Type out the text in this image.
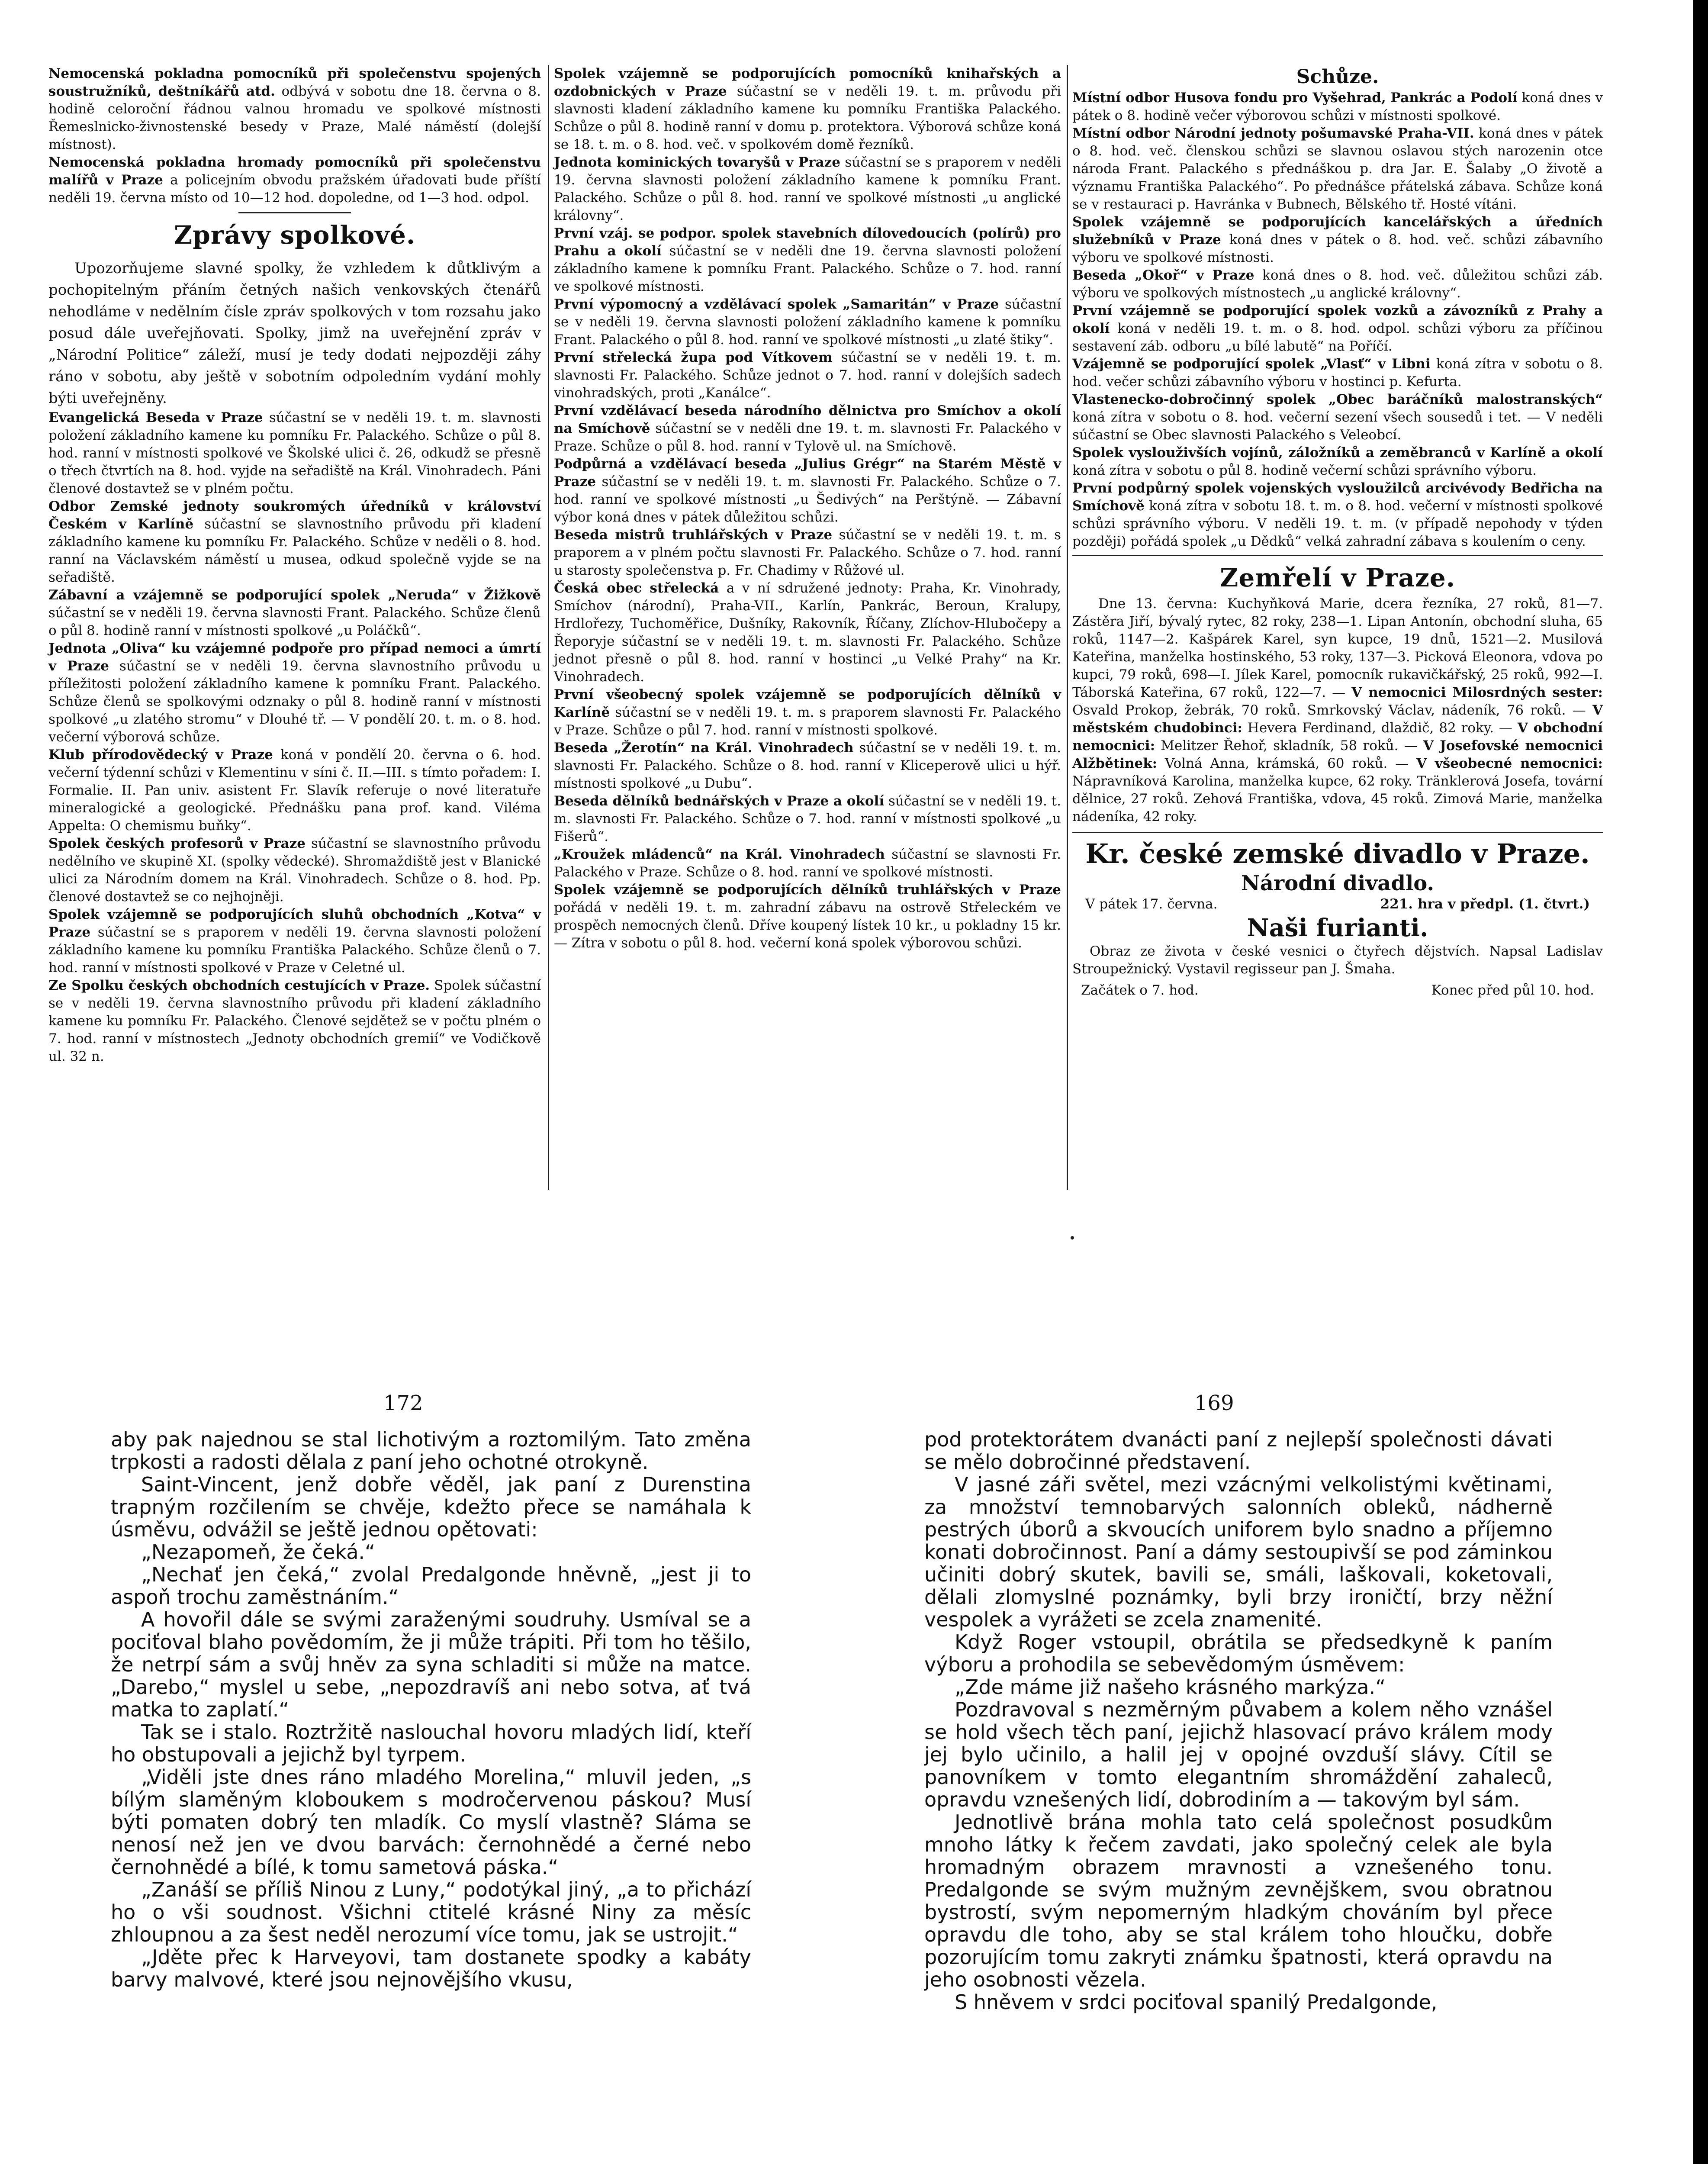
Nemocenská pokladna pomocníků při společenstvu spojených soustružníků, deštníkářů atd. odbývá v sobotu dne 18. června o 8. hodině celoroční řádnou valnou hromadu ve spolkové místnosti Řemeslnicko-živnostenské besedy v Praze, Malé náměstí (dolejší místnost).

Nemocenská pokladna hromady pomocníků při společenstvu malířů v Praze a policejním obvodu pražském úřadovati bude příští neděli 19. června místo od 10—12 hod. dopoledne, od 1—3 hod. odpol.

Zprávy spolkové.

Upozorňujeme slavné spolky, že vzhledem k důtklivým a pochopitelným přáním četných našich venkovských čtenářů nehodláme v nedělním čísle zpráv spolkových v tom rozsahu jako posud dále uveřejňovati. Spolky, jimž na uveřejnění zpráv v „Národní Politice“ záleží, musí je tedy dodati nejpozději záhy ráno v sobotu, aby ještě v sobotním odpoledním vydání mohly býti uveřejněny.

Evangelická Beseda v Praze súčastní se v neděli 19. t. m. slavnosti položení základního kamene ku pomníku Fr. Palackého. Schůze o půl 8. hod. ranní v místnosti spolkové ve Školské ulici č. 26, odkudž se přesně o třech čtvrtích na 8. hod. vyjde na seřadiště na Král. Vinohradech. Páni členové dostavtež se v plném počtu.

Odbor Zemské jednoty soukromých úředníků v království Českém v Karlíně súčastní se slavnostního průvodu při kladení základního kamene ku pomníku Fr. Palackého. Schůze v neděli o 8. hod. ranní na Václavském náměstí u musea, odkud společně vyjde se na seřadiště.

Zábavní a vzájemně se podporující spolek „Neruda“ v Žižkově súčastní se v neděli 19. června slavnosti Frant. Palackého. Schůze členů o půl 8. hodině ranní v místnosti spolkové „u Poláčků“.

Jednota „Oliva“ ku vzájemné podpoře pro případ nemoci a úmrtí v Praze súčastní se v neděli 19. června slavnostního průvodu u příležitosti položení základního kamene k pomníku Frant. Palackého. Schůze členů se spolkovými odznaky o půl 8. hodině ranní v místnosti spolkové „u zlatého stromu“ v Dlouhé tř. — V pondělí 20. t. m. o 8. hod. večerní výborová schůze.

Klub přírodovědecký v Praze koná v pondělí 20. června o 6. hod. večerní týdenní schůzi v Klementinu v síni č. II.—III. s tímto pořadem: I. Formalie. II. Pan univ. asistent Fr. Slavík referuje o nové literatuře mineralogické a geologické. Přednášku pana prof. kand. Viléma Appelta: O chemismu buňky“.

Spolek českých profesorů v Praze súčastní se slavnostního průvodu nedělního ve skupině XI. (spolky vědecké). Shromaždiště jest v Blanické ulici za Národním domem na Král. Vinohradech. Schůze o 8. hod. Pp. členové dostavtež se co nejhojněji.

Spolek vzájemně se podporujících sluhů obchodních „Kotva“ v Praze súčastní se s praporem v neděli 19. června slavnosti položení základního kamene ku pomníku Františka Palackého. Schůze členů o 7. hod. ranní v místnosti spolkové v Praze v Celetné ul.

Ze Spolku českých obchodních cestujících v Praze. Spolek súčastní se v neděli 19. června slavnostního průvodu při kladení základního kamene ku pomníku Fr. Palackého. Členové sejdětež se v počtu plném o 7. hod. ranní v místnostech „Jednoty obchodních gremií“ ve Vodičkově ul. 32 n.

Spolek vzájemně se podporujících pomocníků knihařských a ozdobnických v Praze súčastní se v neděli 19. t. m. průvodu při slavnosti kladení základního kamene ku pomníku Františka Palackého. Schůze o půl 8. hodině ranní v domu p. protektora. Výborová schůze koná se 18. t. m. o 8. hod. več. v spolkovém domě řezníků.

Jednota kominických tovaryšů v Praze súčastní se s praporem v neděli 19. června slavnosti položení základního kamene k pomníku Frant. Palackého. Schůze o půl 8. hod. ranní ve spolkové místnosti „u anglické královny“.

První vzáj. se podpor. spolek stavebních dílovedoucích (polírů) pro Prahu a okolí súčastní se v neděli dne 19. června slavnosti položení základního kamene k pomníku Frant. Palackého. Schůze o 7. hod. ranní ve spolkové místnosti.

První výpomocný a vzdělávací spolek „Samaritán“ v Praze súčastní se v neděli 19. června slavnosti položení základního kamene k pomníku Frant. Palackého o půl 8. hod. ranní ve spolkové místnosti „u zlaté štiky“.

První střelecká župa pod Vítkovem súčastní se v neděli 19. t. m. slavnosti Fr. Palackého. Schůze jednot o 7. hod. ranní v dolejších sadech vinohradských, proti „Kanálce“.

První vzdělávací beseda národního dělnictva pro Smíchov a okolí na Smíchově súčastní se v neděli dne 19. t. m. slavnosti Fr. Palackého v Praze. Schůze o půl 8. hod. ranní v Tylově ul. na Smíchově.

Podpůrná a vzdělávací beseda „Julius Grégr“ na Starém Městě v Praze súčastní se v neděli 19. t. m. slavnosti Fr. Palackého. Schůze o 7. hod. ranní ve spolkové místnosti „u Šedivých“ na Perštýně. — Zábavní výbor koná dnes v pátek důležitou schůzi.

Beseda mistrů truhlářských v Praze súčastní se v neděli 19. t. m. s praporem a v plném počtu slavnosti Fr. Palackého. Schůze o 7. hod. ranní u starosty společenstva p. Fr. Chadimy v Růžové ul.

Česká obec střelecká a v ní sdružené jednoty: Praha, Kr. Vinohrady, Smíchov (národní), Praha-VII., Karlín, Pankrác, Beroun, Kralupy, Hrdlořezy, Tuchoměřice, Dušníky, Rakovník, Říčany, Zlíchov-Hlubočepy a Řeporyje súčastní se v neděli 19. t. m. slavnosti Fr. Palackého. Schůze jednot přesně o půl 8. hod. ranní v hostinci „u Velké Prahy“ na Kr. Vinohradech.

První všeobecný spolek vzájemně se podporujících dělníků v Karlíně súčastní se v neděli 19. t. m. s praporem slavnosti Fr. Palackého v Praze. Schůze o půl 7. hod. ranní v místnosti spolkové.

Beseda „Žerotín“ na Král. Vinohradech súčastní se v neděli 19. t. m. slavnosti Fr. Palackého. Schůze o 8. hod. ranní v Kliceperově ulici u hýř. místnosti spolkové „u Dubu“.

Beseda dělníků bednářských v Praze a okolí súčastní se v neděli 19. t. m. slavnosti Fr. Palackého. Schůze o 7. hod. ranní v místnosti spolkové „u Fišerů“.

„Kroužek mládenců“ na Král. Vinohradech súčastní se slavnosti Fr. Palackého v Praze. Schůze o 8. hod. ranní ve spolkové místnosti.

Spolek vzájemně se podporujících dělníků truhlářských v Praze pořádá v neděli 19. t. m. zahradní zábavu na ostrově Střeleckém ve prospěch nemocných členů. Dříve koupený lístek 10 kr., u pokladny 15 kr. — Zítra v sobotu o půl 8. hod. večerní koná spolek výborovou schůzi.

Schůze.

Místní odbor Husova fondu pro Vyšehrad, Pankrác a Podolí koná dnes v pátek o 8. hodině večer výborovou schůzi v místnosti spolkové.

Místní odbor Národní jednoty pošumavské Praha-VII. koná dnes v pátek o 8. hod. več. členskou schůzi se slavnou oslavou stých narozenin otce národa Frant. Palackého s přednáškou p. dra Jar. E. Šalaby „O životě a významu Františka Palackého“. Po přednášce přátelská zábava. Schůze koná se v restauraci p. Havránka v Bubnech, Bělského tř. Hosté vítáni.

Spolek vzájemně se podporujících kancelářských a úředních služebníků v Praze koná dnes v pátek o 8. hod. več. schůzi zábavního výboru ve spolkové místnosti.

Beseda „Okoř“ v Praze koná dnes o 8. hod. več. důležitou schůzi záb. výboru ve spolkových místnostech „u anglické královny“.

První vzájemně se podporující spolek vozků a závozníků z Prahy a okolí koná v neděli 19. t. m. o 8. hod. odpol. schůzi výboru za příčinou sestavení záb. odboru „u bílé labutě“ na Poříčí.

Vzájemně se podporující spolek „Vlasť“ v Libni koná zítra v sobotu o 8. hod. večer schůzi zábavního výboru v hostinci p. Kefurta.

Vlastenecko-dobročinný spolek „Obec baráčníků malostranských“ koná zítra v sobotu o 8. hod. večerní sezení všech sousedů i tet. — V neděli súčastní se Obec slavnosti Palackého s Veleobcí.

Spolek vyslouživších vojínů, záložníků a zeměbranců v Karlíně a okolí koná zítra v sobotu o půl 8. hodině večerní schůzi správního výboru.

První podpůrný spolek vojenských vysloužilců arcivévody Bedřicha na Smíchově koná zítra v sobotu 18. t. m. o 8. hod. večerní v místnosti spolkové schůzi správního výboru. V neděli 19. t. m. (v případě nepohody v týden později) pořádá spolek „u Dědků“ velká zahradní zábava s koulením o ceny.

Zemřelí v Praze.

Dne 13. června: Kuchyňková Marie, dcera řezníka, 27 roků, 81—7. Zástěra Jiří, bývalý rytec, 82 roky, 238—1. Lipan Antonín, obchodní sluha, 65 roků, 1147—2. Kašpárek Karel, syn kupce, 19 dnů, 1521—2. Musilová Kateřina, manželka hostinského, 53 roky, 137—3. Picková Eleonora, vdova po kupci, 79 roků, 698—I. Jílek Karel, pomocník rukavičkářský, 25 roků, 992—I. Táborská Kateřina, 67 roků, 122—7. — V nemocnici Milosrdných sester: Osvald Prokop, žebrák, 70 roků. Smrkovský Václav, nádeník, 76 roků. — V městském chudobinci: Hevera Ferdinand, dlaždič, 82 roky. — V obchodní nemocnici: Melitzer Řehoř, skladník, 58 roků. — V Josefovské nemocnici Alžbětinek: Volná Anna, krámská, 60 roků. — V všeobecné nemocnici: Nápravníková Karolina, manželka kupce, 62 roky. Tränklerová Josefa, tovární dělnice, 27 roků. Zehová Františka, vdova, 45 roků. Zimová Marie, manželka nádeníka, 42 roky.

Kr. české zemské divadlo v Praze.
Národní divadlo.
V pátek 17. června.	221. hra v předpl. (1. čtvrt.)
Naši furianti.

Obraz ze života v české vesnici o čtyřech dějstvích. Napsal Ladislav Stroupežnický. Vystavil regisseur pan J. Šmaha.

Začátek o 7. hod.	Konec před půl 10. hod.
172	169

aby pak najednou se stal lichotivým a roztomilým. Tato změna trpkosti a radosti dělala z paní jeho ochotné otrokyně.

Saint-Vincent, jenž dobře věděl, jak paní z Durenstina trapným rozčilením se chvěje, kdežto přece se namáhala k úsměvu, odvážil se ještě jednou opětovati:

„Nezapomeň, že čeká.“

„Nechať jen čeká,“ zvolal Predalgonde hněvně, „jest ji to aspoň trochu zaměstnáním.“

A hovořil dále se svými zaraženými soudruhy. Usmíval se a pociťoval blaho povědomím, že ji může trápiti. Při tom ho těšilo, že netrpí sám a svůj hněv za syna schladiti si může na matce. „Darebo,“ myslel u sebe, „nepozdravíš ani nebo sotva, ať tvá matka to zaplatí.“

Tak se i stalo. Roztržitě naslouchal hovoru mladých lidí, kteří ho obstupovali a jejichž byl tyrpem.

„Viděli jste dnes ráno mladého Morelina,“ mluvil jeden, „s bílým slaměným kloboukem s modročervenou páskou? Musí býti pomaten dobrý ten mladík. Co myslí vlastně? Sláma se nenosí než jen ve dvou barvách: černohnědé a černé nebo černohnědé a bílé, k tomu sametová páska.“

„Zanáší se příliš Ninou z Luny,“ podotýkal jiný, „a to přichází ho o vši soudnost. Všichni ctitelé krásné Niny za měsíc zhloupnou a za šest neděl nerozumí více tomu, jak se ustrojit.“

„Jděte přec k Harveyovi, tam dostanete spodky a kabáty barvy malvové, které jsou nejnovějšího vkusu,

pod protektorátem dvanácti paní z nejlepší společnosti dávati se mělo dobročinné představení.

V jasné záři světel, mezi vzácnými velkolistými květinami, za množství temnobarvých salonních obleků, nádherně pestrých úborů a skvoucích uniforem bylo snadno a příjemno konati dobročinnost. Paní a dámy sestoupivší se pod záminkou učiniti dobrý skutek, bavili se, smáli, laškovali, koketovali, dělali zlomyslné poznámky, byli brzy ironičtí, brzy něžní vespolek a vyrážeti se zcela znamenité.

Když Roger vstoupil, obrátila se předsedkyně k paním výboru a prohodila se sebevědomým úsměvem:

„Zde máme již našeho krásného markýza.“

Pozdravoval s nezměrným půvabem a kolem něho vznášel se hold všech těch paní, jejichž hlasovací právo králem mody jej bylo učinilo, a halil jej v opojné ovzduší slávy. Cítil se panovníkem v tomto elegantním shromáždění zahaleců, opravdu vznešených lidí, dobrodiním a — takovým byl sám.

Jednotlivě brána mohla tato celá společnost posudkům mnoho látky k řečem zavdati, jako společný celek ale byla hromadným obrazem mravnosti a vznešeného tonu. Predalgonde se svým mužným zevnějškem, svou obratnou bystrostí, svým nepomerným hladkým chováním byl přece opravdu dle toho, aby se stal králem toho hloučku, dobře pozorujícím tomu zakryti známku špatnosti, která opravdu na jeho osobnosti vězela.

S hněvem v srdci pociťoval spanilý Predalgonde,
